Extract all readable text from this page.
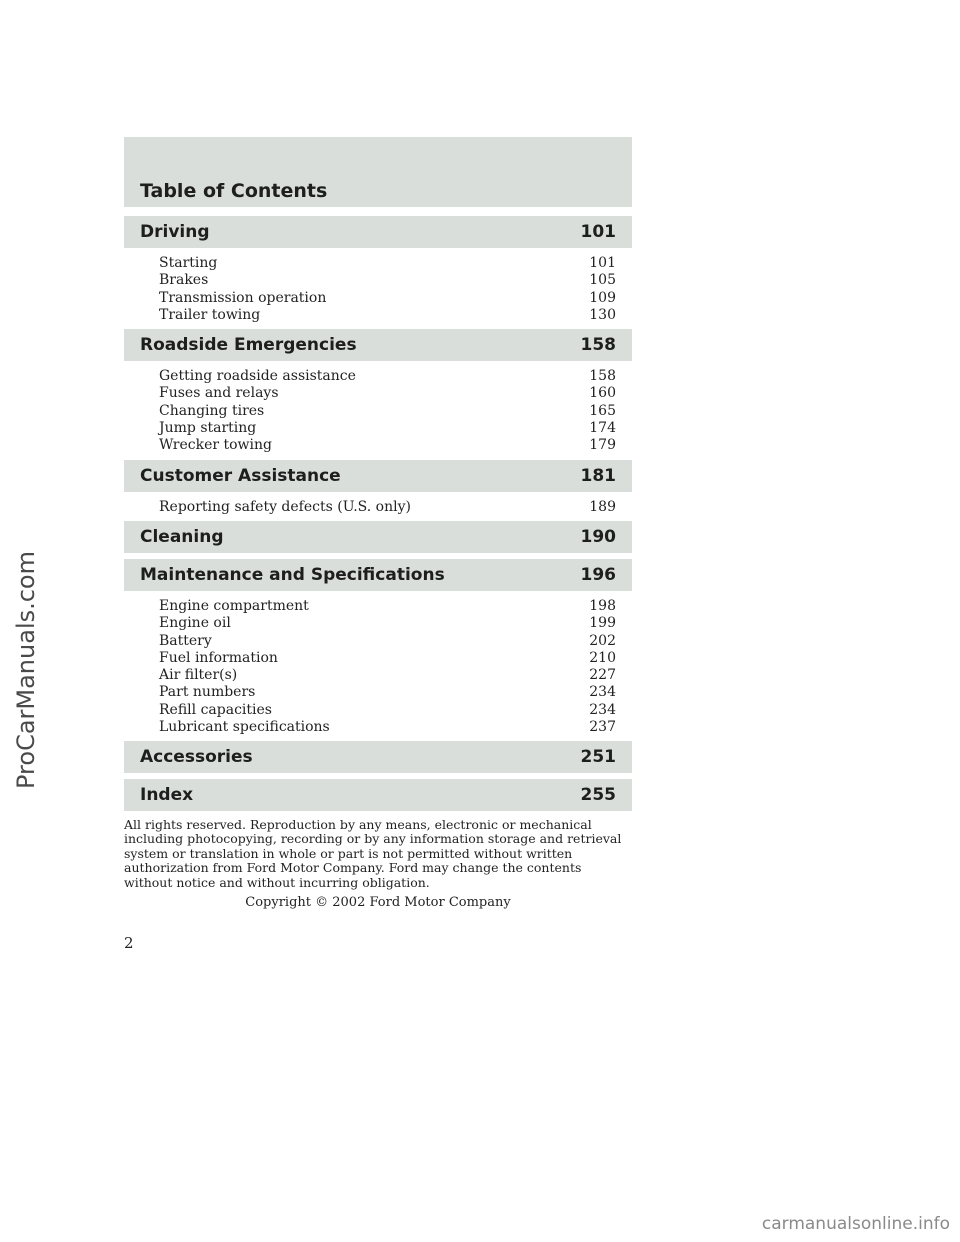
ProCarManuals.com
Table of Contents
Driving	101
Starting	101
Brakes	105
Transmission operation	109
Trailer towing	130
Roadside Emergencies	158
Getting roadside assistance	158
Fuses and relays	160
Changing tires	165
Jump starting	174
Wrecker towing	179
Customer Assistance	181
Reporting safety defects (U.S. only)	189
Cleaning	190
Maintenance and Specifications	196
Engine compartment	198
Engine oil	199
Battery	202
Fuel information	210
Air filter(s)	227
Part numbers	234
Refill capacities	234
Lubricant specifications	237
Accessories	251
Index	255
All rights reserved. Reproduction by any means, electronic or mechanical including photocopying, recording or by any information storage and retrieval system or translation in whole or part is not permitted without written authorization from Ford Motor Company. Ford may change the contents without notice and without incurring obligation.
Copyright © 2002 Ford Motor Company
2
carmanualsonline.info
